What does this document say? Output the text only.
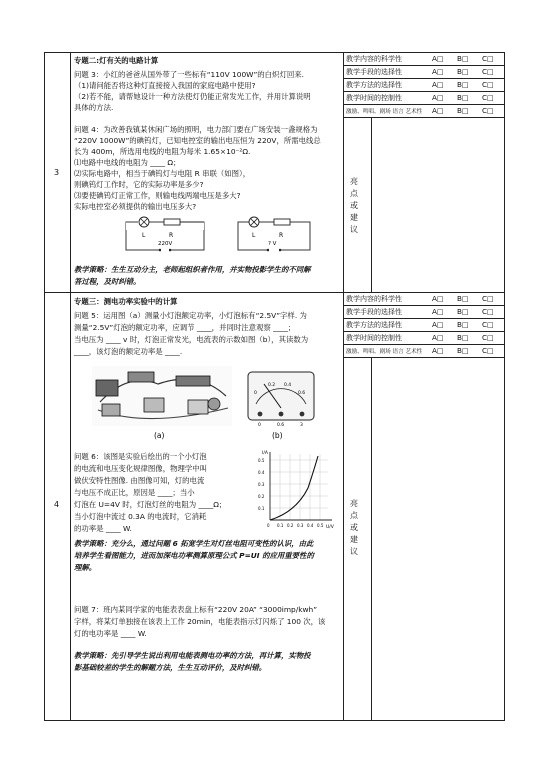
3
专题二:灯有关的电路计算
问题 3：小红的爸爸从国外带了一些标有“110V 100W”的白炽灯回来.
（1)请问能否将这种灯直接接入我国的家庭电路中使用?
（2)若不能，请帮她设计一种方法使灯仍能正常发光工作，并用计算说明
具体的方法.
问题 4：为改善我镇某休闲广场的照明，电力部门要在广场安装一盏规格为
“220V 1000W”的碘钨灯，已知电控室的输出电压恒为 220V，所需电线总
长为 400m，所选用电线的电阻为每米 1.65×10⁻²Ω.
⑴电路中电线的电阻为 ____ Ω；
⑵实际电路中，相当于碘钨灯与电阻 R 串联（如图），
则碘钨灯工作时，它的实际功率是多少?
⑶要使碘钨灯正常工作，则输电线两端电压是多大?
实际电控室必须提供的输出电压多大?
L	R
220V
L	R
? V
教学策略：生生互动分主，老师起组织者作用，并实物投影学生的不同解
答过程，及时纠错。
教学内容的科学性	A□ B□ C□
教学手段的选择性	A□ B□ C□
教学方法的选择性	A□ B□ C□
教学时间的控制性	A□ B□ C□
激励、鸣唱、剧场 语言 艺术性 A□ B□ C□
亮
点
或
建
议
4
专题三：测电功率实验中的计算
问题 5：运用图（a）测量小灯泡额定功率，小灯泡标有“2.5V”字样. 为
测量“2.5V”灯泡的额定功率，应调节 ____，并同时注意观察 ____；
当电压为 ____ v 时，灯泡正常发光，电流表的示数如图（b），其读数为
____，该灯泡的额定功率是 ____.
(a)
0
0.2 0.4
0.6
0	0.6	3
(b)
问题 6：该图是实验后绘出的一个小灯泡
的电流和电压变化规律图像，物理学中叫
做伏安特性图像. 由图像可知，灯的电流
与电压不成正比，原因是 ____；当小
灯泡在 U=4V 时，灯泡灯丝的电阻为 ____Ω；
当小灯泡中流过 0.3A 的电流时，它消耗
的功率是 ____ W.
I/A
U/V
0.5
0.4
0.3
0.2
0.1
0 0.1 0.2 0.3 0.4 0.5
教学策略：充分么，通过问题 6 拓宽学生对灯丝电阻可变性的认识，由此
培养学生看图能力，进而加深电功率测算原理公式 P=UI 的应用重要性的
理解。
问题 7：班内某同学家的电能表表盘上标有“220V 20A” “3000imp/kwh”
字样，将某灯单独接在该表上工作 20min，电能表指示灯闪烁了 100 次，该
灯的电功率是 ____ W.
教学策略：先引导学生说出利用电能表测电功率的方法，再计算，实物投
影基础较差的学生的解题方法，生生互动评价，及时纠错。
教学内容的科学性	A□ B□ C□
教学手段的选择性	A□ B□ C□
教学方法的选择性	A□ B□ C□
教学时间的控制性	A□ B□ C□
激励、鸣唱、剧场 语言 艺术性 A□ B□ C□
亮
点
或
建
议
